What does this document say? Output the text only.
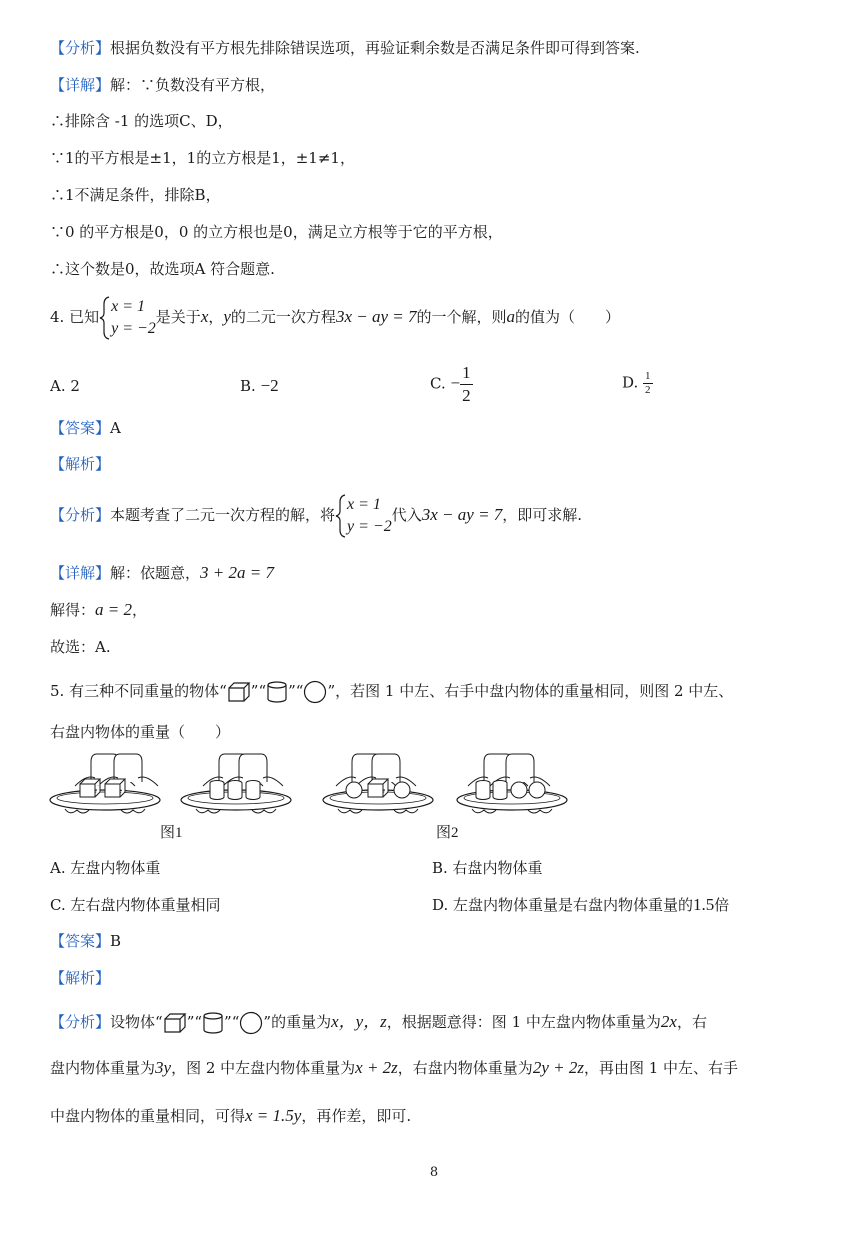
【分析】根据负数没有平方根先排除错误选项，再验证剩余数是否满足条件即可得到答案.
【详解】解：∵负数没有平方根，
∴排除含 -1 的选项C、D，
∵1的平方根是±1，1的立方根是1，±1≠1，
∴1不满足条件，排除B，
∵0 的平方根是0，0 的立方根也是0，满足立方根等于它的平方根，
∴这个数是0，故选项A 符合题意.
4. 已知
x = 1
y = −2
是关于x，y的二元一次方程3x − ay = 7的一个解，则a的值为（　　）
A. 2	B. −2	C. − $\frac{1}{2}$	D. $\frac{1}{2}$
【答案】A
【解析】
【分析】本题考查了二元一次方程的解，将
x = 1
y = −2
代入3x − ay = 7，即可求解.
【详解】解：依题意，3 + 2a = 7
解得：a = 2，
故选：A.
5. 有三种不同重量的物体“ ”“ ”“ ”，若图 1 中左、右手中盘内物体的重量相同，则图 2 中左、
右盘内物体的重量（　　）
图1	图2
A. 左盘内物体重	B. 右盘内物体重
C. 左右盘内物体重量相同	D. 左盘内物体重量是右盘内物体重量的1.5倍
【答案】B
【解析】
【分析】设物体“ ”“ ”“ ”的重量为x，y，z，根据题意得：图 1 中左盘内物体重量为2x，右
盘内物体重量为3y，图 2 中左盘内物体重量为x + 2z，右盘内物体重量为2y + 2z，再由图 1 中左、右手
中盘内物体的重量相同，可得x = 1.5y，再作差，即可.
8
